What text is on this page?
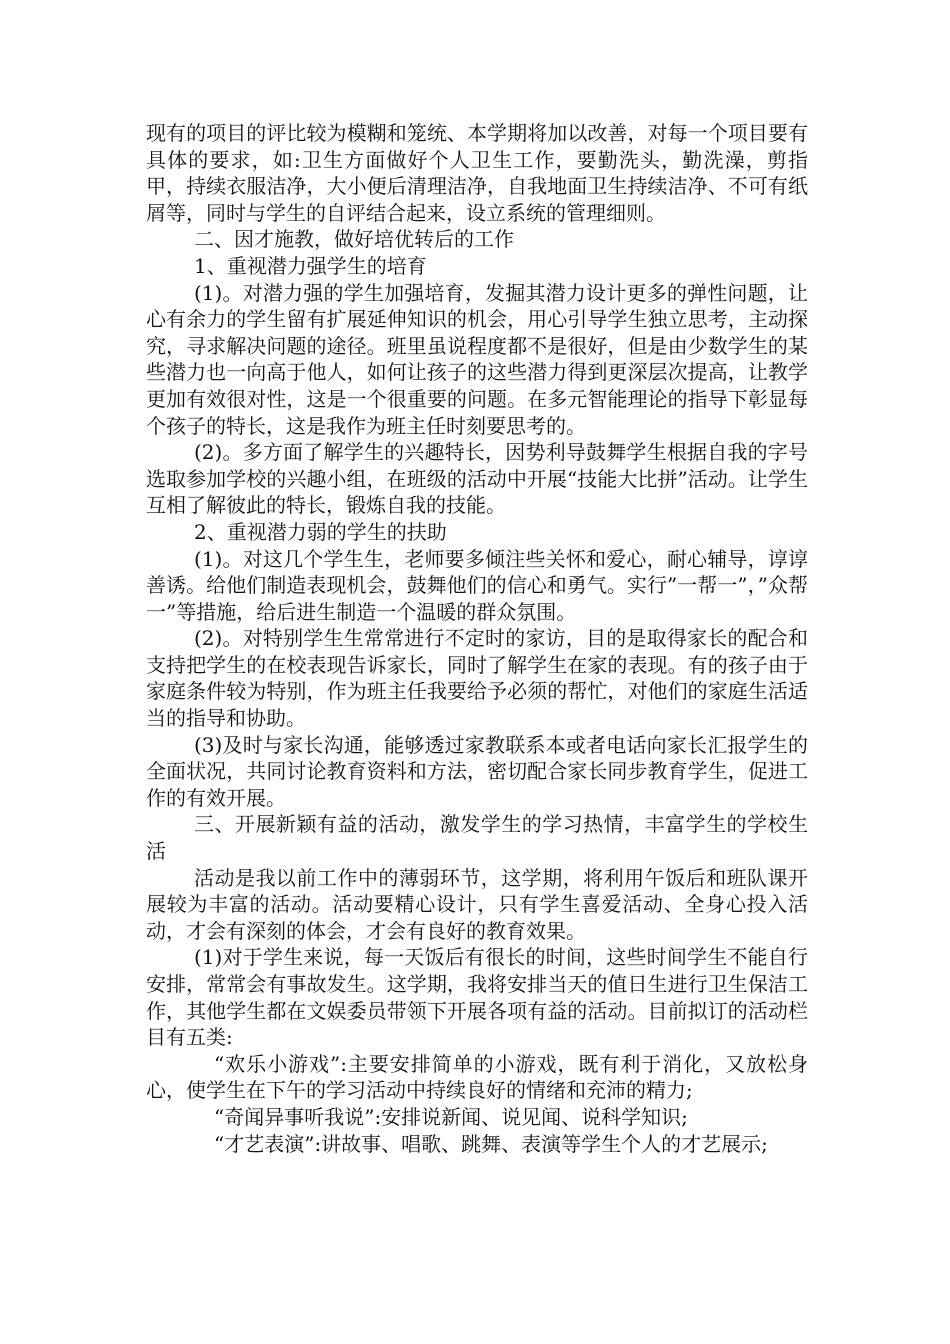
现有的项目的评比较为模糊和笼统、本学期将加以改善，对每一个项目要有具体的要求，如:卫生方面做好个人卫生工作，要勤洗头，勤洗澡，剪指甲，持续衣服洁净，大小便后清理洁净，自我地面卫生持续洁净、不可有纸屑等，同时与学生的自评结合起来，设立系统的管理细则。

二、因才施教，做好培优转后的工作

1、重视潜力强学生的培育

(1)。对潜力强的学生加强培育，发掘其潜力设计更多的弹性问题，让心有余力的学生留有扩展延伸知识的机会，用心引导学生独立思考，主动探究，寻求解决问题的途径。班里虽说程度都不是很好，但是由少数学生的某些潜力也一向高于他人，如何让孩子的这些潜力得到更深层次提高，让教学更加有效很对性，这是一个很重要的问题。在多元智能理论的指导下彰显每个孩子的特长，这是我作为班主任时刻要思考的。

(2)。多方面了解学生的兴趣特长，因势利导鼓舞学生根据自我的字号选取参加学校的兴趣小组，在班级的活动中开展“技能大比拼”活动。让学生互相了解彼此的特长，锻炼自我的技能。

2、重视潜力弱的学生的扶助

(1)。对这几个学生生，老师要多倾注些关怀和爱心，耐心辅导，谆谆善诱。给他们制造表现机会，鼓舞他们的信心和勇气。实行”一帮一”，”众帮一”等措施，给后进生制造一个温暖的群众氛围。

(2)。对特别学生生常常进行不定时的家访，目的是取得家长的配合和支持把学生的在校表现告诉家长，同时了解学生在家的表现。有的孩子由于家庭条件较为特别，作为班主任我要给予必须的帮忙，对他们的家庭生活适当的指导和协助。

(3)及时与家长沟通，能够透过家教联系本或者电话向家长汇报学生的全面状况，共同讨论教育资料和方法，密切配合家长同步教育学生，促进工作的有效开展。

三、开展新颖有益的活动，激发学生的学习热情，丰富学生的学校生活

活动是我以前工作中的薄弱环节，这学期，将利用午饭后和班队课开展较为丰富的活动。活动要精心设计，只有学生喜爱活动、全身心投入活动，才会有深刻的体会，才会有良好的教育效果。

(1)对于学生来说，每一天饭后有很长的时间，这些时间学生不能自行安排，常常会有事故发生。这学期，我将安排当天的值日生进行卫生保洁工作，其他学生都在文娱委员带领下开展各项有益的活动。目前拟订的活动栏目有五类:

“欢乐小游戏”:主要安排简单的小游戏，既有利于消化，又放松身心，使学生在下午的学习活动中持续良好的情绪和充沛的精力;

“奇闻异事听我说”:安排说新闻、说见闻、说科学知识;

“才艺表演”:讲故事、唱歌、跳舞、表演等学生个人的才艺展示;
